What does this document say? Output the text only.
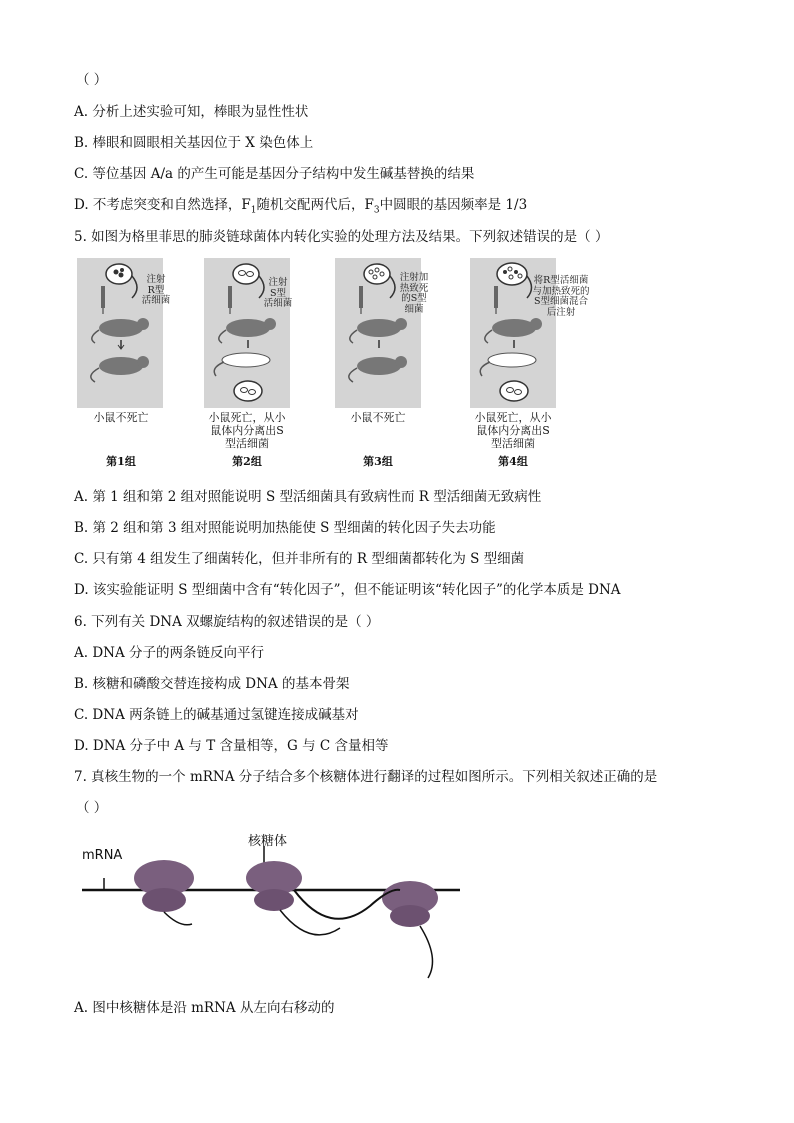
（ ）
A. 分析上述实验可知，棒眼为显性性状
B. 棒眼和圆眼相关基因位于 X 染色体上
C. 等位基因 A/a 的产生可能是基因分子结构中发生碱基替换的结果
D. 不考虑突变和自然选择，$F_1$随机交配两代后，$F_3$中圆眼的基因频率是 1/3
5. 如图为格里菲思的肺炎链球菌体内转化实验的处理方法及结果。下列叙述错误的是（ ）
注射
R型
活细菌
注射
S型
活细菌
注射加
热致死
的S型
细菌
将R型活细菌
与加热致死的
S型细菌混合
后注射
小鼠不死亡	小鼠死亡，从小
鼠体内分离出S
型活细菌
小鼠不死亡	小鼠死亡，从小
鼠体内分离出S
型活细菌
第1组	第2组	第3组	第4组
A. 第 1 组和第 2 组对照能说明 S 型活细菌具有致病性而 R 型活细菌无致病性
B. 第 2 组和第 3 组对照能说明加热能使 S 型细菌的转化因子失去功能
C. 只有第 4 组发生了细菌转化，但并非所有的 R 型细菌都转化为 S 型细菌
D. 该实验能证明 S 型细菌中含有“转化因子”，但不能证明该“转化因子”的化学本质是 DNA
6. 下列有关 DNA 双螺旋结构的叙述错误的是（ ）
A. DNA 分子的两条链反向平行
B. 核糖和磷酸交替连接构成 DNA 的基本骨架
C. DNA 两条链上的碱基通过氢键连接成碱基对
D. DNA 分子中 A 与 T 含量相等，G 与 C 含量相等
7. 真核生物的一个 mRNA 分子结合多个核糖体进行翻译的过程如图所示。下列相关叙述正确的是
（ ）
核糖体
mRNA
A. 图中核糖体是沿 mRNA 从左向右移动的
